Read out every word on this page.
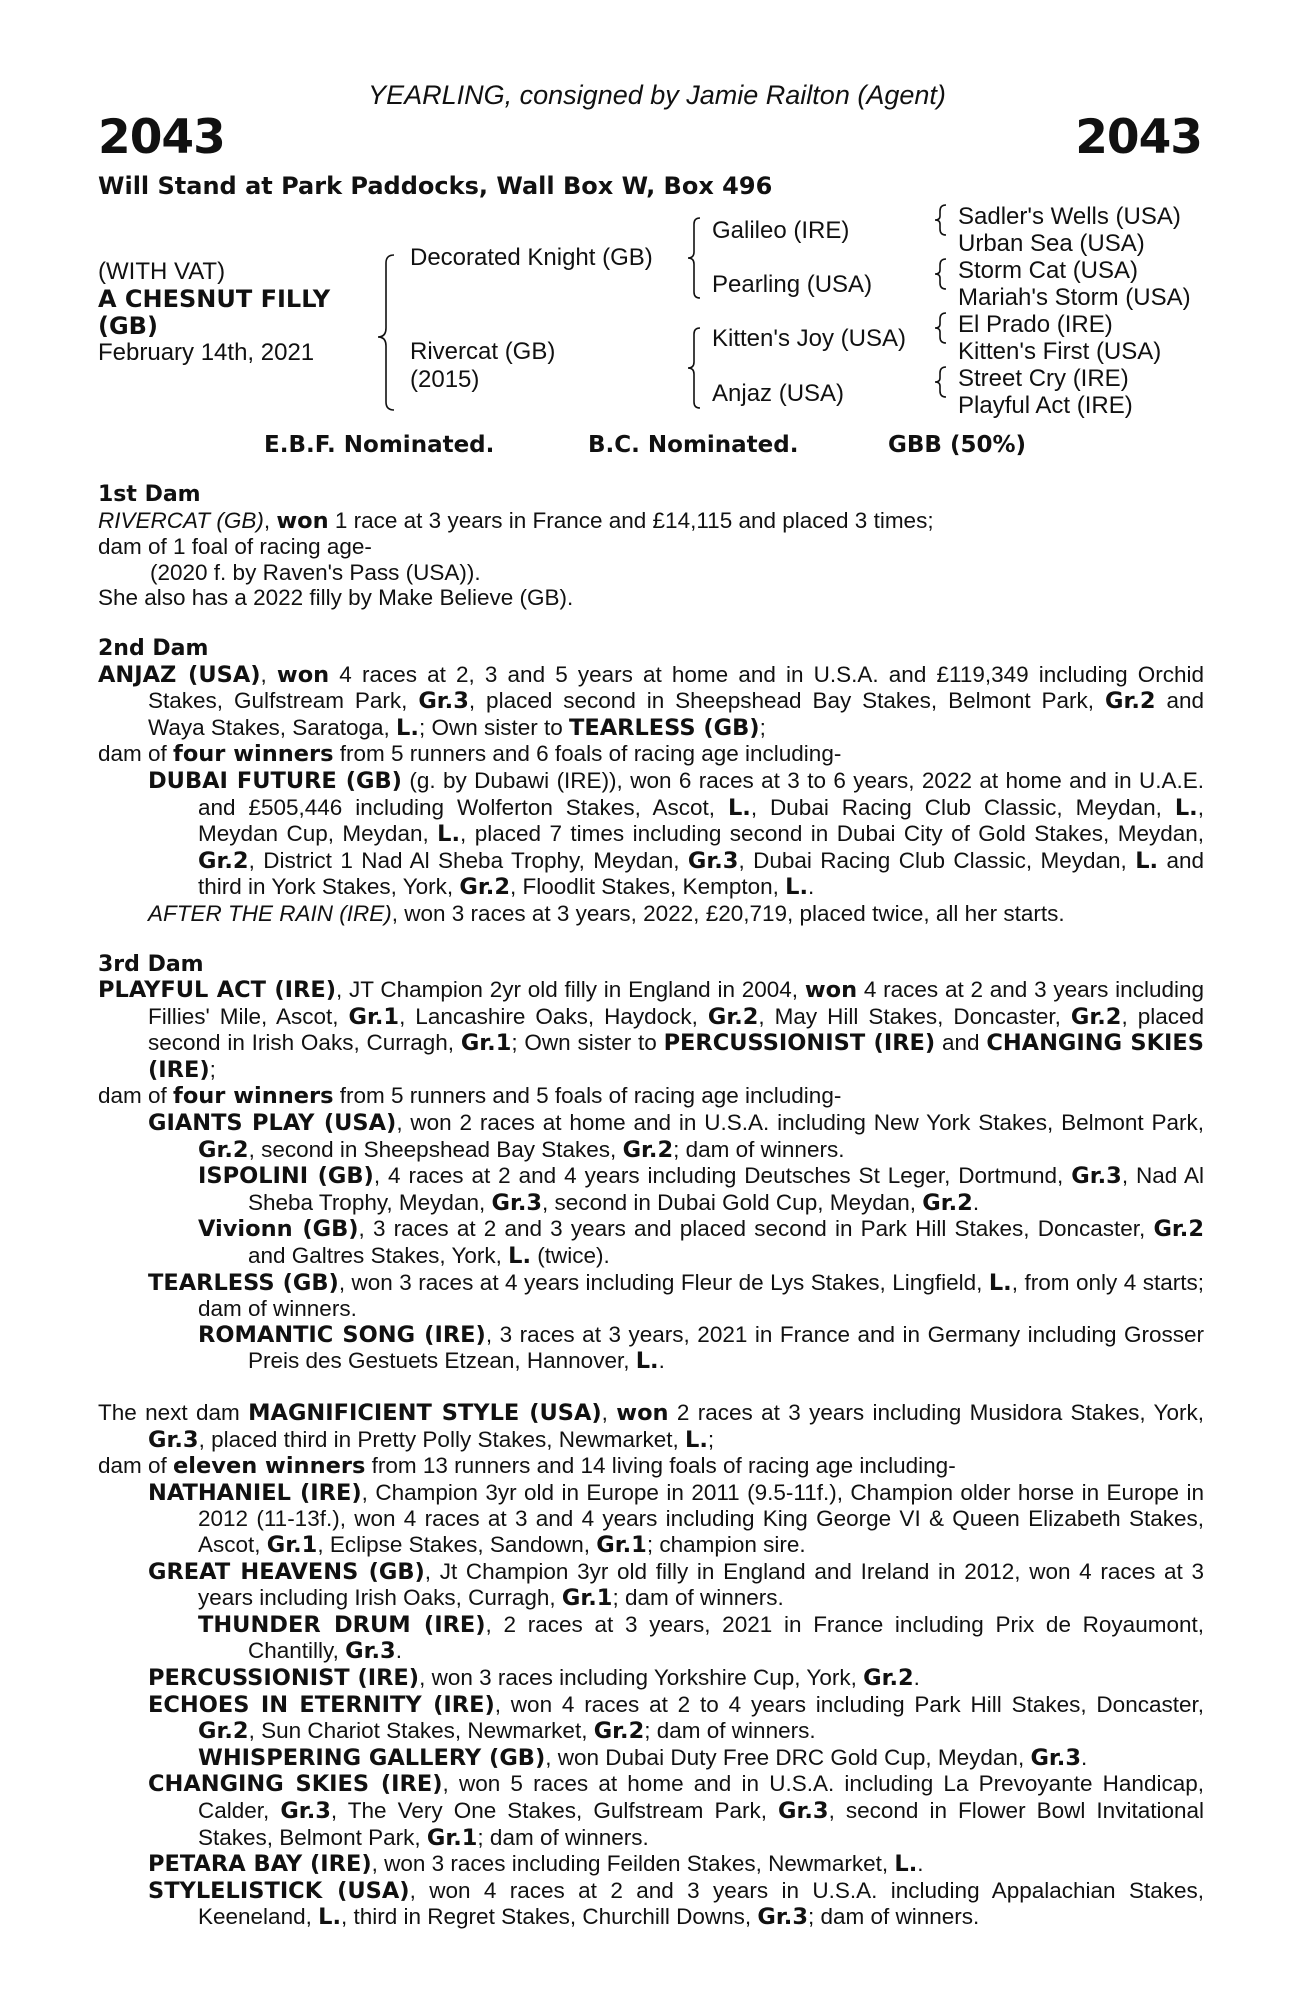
YEARLING, consigned by Jamie Railton (Agent)
2043	2043
Will Stand at Park Paddocks, Wall Box W, Box 496
(WITH VAT)
A CHESNUT FILLY
(GB)
February 14th, 2021
Decorated Knight (GB)
Rivercat (GB)
(2015)
Galileo (IRE)
Pearling (USA)
Kitten's Joy (USA)
Anjaz (USA)
Sadler's Wells (USA)
Urban Sea (USA)
Storm Cat (USA)
Mariah's Storm (USA)
El Prado (IRE)
Kitten's First (USA)
Street Cry (IRE)
Playful Act (IRE)
E.B.F. Nominated.	B.C. Nominated.	GBB (50%)
1st Dam
RIVERCAT (GB), won 1 race at 3 years in France and £14,115 and placed 3 times;
dam of 1 foal of racing age-
(2020 f. by Raven's Pass (USA)).
She also has a 2022 filly by Make Believe (GB).
2nd Dam
ANJAZ (USA), won 4 races at 2, 3 and 5 years at home and in U.S.A. and £119,349 including Orchid Stakes, Gulfstream Park, Gr.3, placed second in Sheepshead Bay Stakes, Belmont Park, Gr.2 and Waya Stakes, Saratoga, L.; Own sister to TEARLESS (GB);
dam of four winners from 5 runners and 6 foals of racing age including-
DUBAI FUTURE (GB) (g. by Dubawi (IRE)), won 6 races at 3 to 6 years, 2022 at home and in U.A.E. and £505,446 including Wolferton Stakes, Ascot, L., Dubai Racing Club Classic, Meydan, L., Meydan Cup, Meydan, L., placed 7 times including second in Dubai City of Gold Stakes, Meydan, Gr.2, District 1 Nad Al Sheba Trophy, Meydan, Gr.3, Dubai Racing Club Classic, Meydan, L. and third in York Stakes, York, Gr.2, Floodlit Stakes, Kempton, L..
AFTER THE RAIN (IRE), won 3 races at 3 years, 2022, £20,719, placed twice, all her starts.
3rd Dam
PLAYFUL ACT (IRE), JT Champion 2yr old filly in England in 2004, won 4 races at 2 and 3 years including Fillies' Mile, Ascot, Gr.1, Lancashire Oaks, Haydock, Gr.2, May Hill Stakes, Doncaster, Gr.2, placed second in Irish Oaks, Curragh, Gr.1; Own sister to PERCUSSIONIST (IRE) and CHANGING SKIES (IRE);
dam of four winners from 5 runners and 5 foals of racing age including-
GIANTS PLAY (USA), won 2 races at home and in U.S.A. including New York Stakes, Belmont Park, Gr.2, second in Sheepshead Bay Stakes, Gr.2; dam of winners.
ISPOLINI (GB), 4 races at 2 and 4 years including Deutsches St Leger, Dortmund, Gr.3, Nad Al Sheba Trophy, Meydan, Gr.3, second in Dubai Gold Cup, Meydan, Gr.2.
Vivionn (GB), 3 races at 2 and 3 years and placed second in Park Hill Stakes, Doncaster, Gr.2 and Galtres Stakes, York, L. (twice).
TEARLESS (GB), won 3 races at 4 years including Fleur de Lys Stakes, Lingfield, L., from only 4 starts; dam of winners.
ROMANTIC SONG (IRE), 3 races at 3 years, 2021 in France and in Germany including Grosser Preis des Gestuets Etzean, Hannover, L..
The next dam MAGNIFICIENT STYLE (USA), won 2 races at 3 years including Musidora Stakes, York, Gr.3, placed third in Pretty Polly Stakes, Newmarket, L.;
dam of eleven winners from 13 runners and 14 living foals of racing age including-
NATHANIEL (IRE), Champion 3yr old in Europe in 2011 (9.5-11f.), Champion older horse in Europe in 2012 (11-13f.), won 4 races at 3 and 4 years including King George VI & Queen Elizabeth Stakes, Ascot, Gr.1, Eclipse Stakes, Sandown, Gr.1; champion sire.
GREAT HEAVENS (GB), Jt Champion 3yr old filly in England and Ireland in 2012, won 4 races at 3 years including Irish Oaks, Curragh, Gr.1; dam of winners.
THUNDER DRUM (IRE), 2 races at 3 years, 2021 in France including Prix de Royaumont, Chantilly, Gr.3.
PERCUSSIONIST (IRE), won 3 races including Yorkshire Cup, York, Gr.2.
ECHOES IN ETERNITY (IRE), won 4 races at 2 to 4 years including Park Hill Stakes, Doncaster, Gr.2, Sun Chariot Stakes, Newmarket, Gr.2; dam of winners.
WHISPERING GALLERY (GB), won Dubai Duty Free DRC Gold Cup, Meydan, Gr.3.
CHANGING SKIES (IRE), won 5 races at home and in U.S.A. including La Prevoyante Handicap, Calder, Gr.3, The Very One Stakes, Gulfstream Park, Gr.3, second in Flower Bowl Invitational Stakes, Belmont Park, Gr.1; dam of winners.
PETARA BAY (IRE), won 3 races including Feilden Stakes, Newmarket, L..
STYLELISTICK (USA), won 4 races at 2 and 3 years in U.S.A. including Appalachian Stakes, Keeneland, L., third in Regret Stakes, Churchill Downs, Gr.3; dam of winners.
